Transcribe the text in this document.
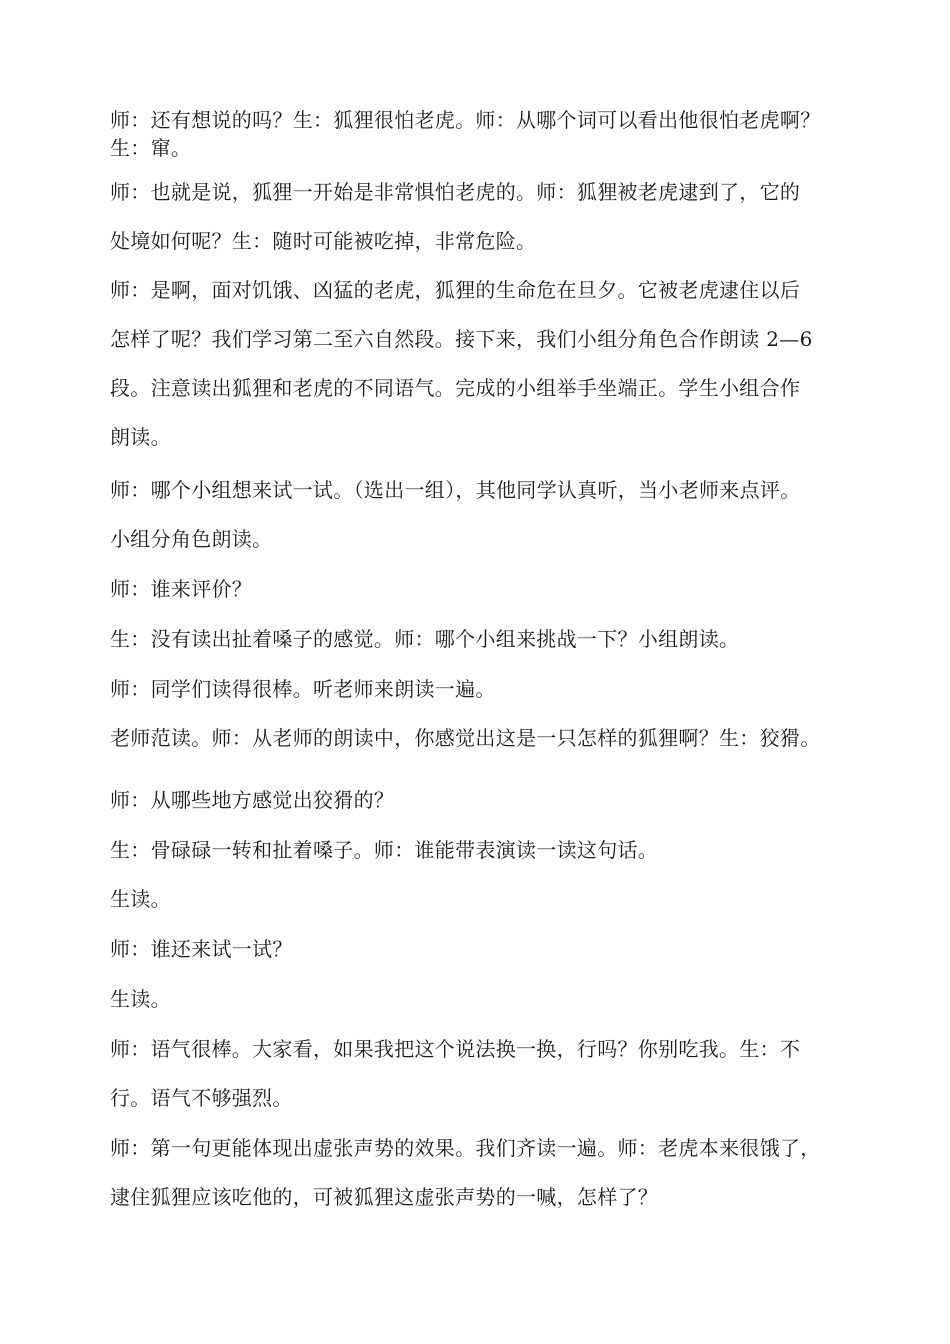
师：还有想说的吗？生：狐狸很怕老虎。师：从哪个词可以看出他很怕老虎啊？
生：窜。
师：也就是说，狐狸一开始是非常惧怕老虎的。师：狐狸被老虎逮到了，它的
处境如何呢？生：随时可能被吃掉，非常危险。
师：是啊，面对饥饿、凶猛的老虎，狐狸的生命危在旦夕。它被老虎逮住以后
怎样了呢？我们学习第二至六自然段。接下来，我们小组分角色合作朗读 2—6
段。注意读出狐狸和老虎的不同语气。完成的小组举手坐端正。学生小组合作
朗读。
师：哪个小组想来试一试。（选出一组），其他同学认真听，当小老师来点评。
小组分角色朗读。
师：谁来评价？
生：没有读出扯着嗓子的感觉。师：哪个小组来挑战一下？小组朗读。
师：同学们读得很棒。听老师来朗读一遍。
老师范读。师：从老师的朗读中，你感觉出这是一只怎样的狐狸啊？生：狡猾。
师：从哪些地方感觉出狡猾的？
生：骨碌碌一转和扯着嗓子。师：谁能带表演读一读这句话。
生读。
师：谁还来试一试？
生读。
师：语气很棒。大家看，如果我把这个说法换一换，行吗？你别吃我。生：不
行。语气不够强烈。
师：第一句更能体现出虚张声势的效果。我们齐读一遍。师：老虎本来很饿了，
逮住狐狸应该吃他的，可被狐狸这虚张声势的一喊，怎样了？
